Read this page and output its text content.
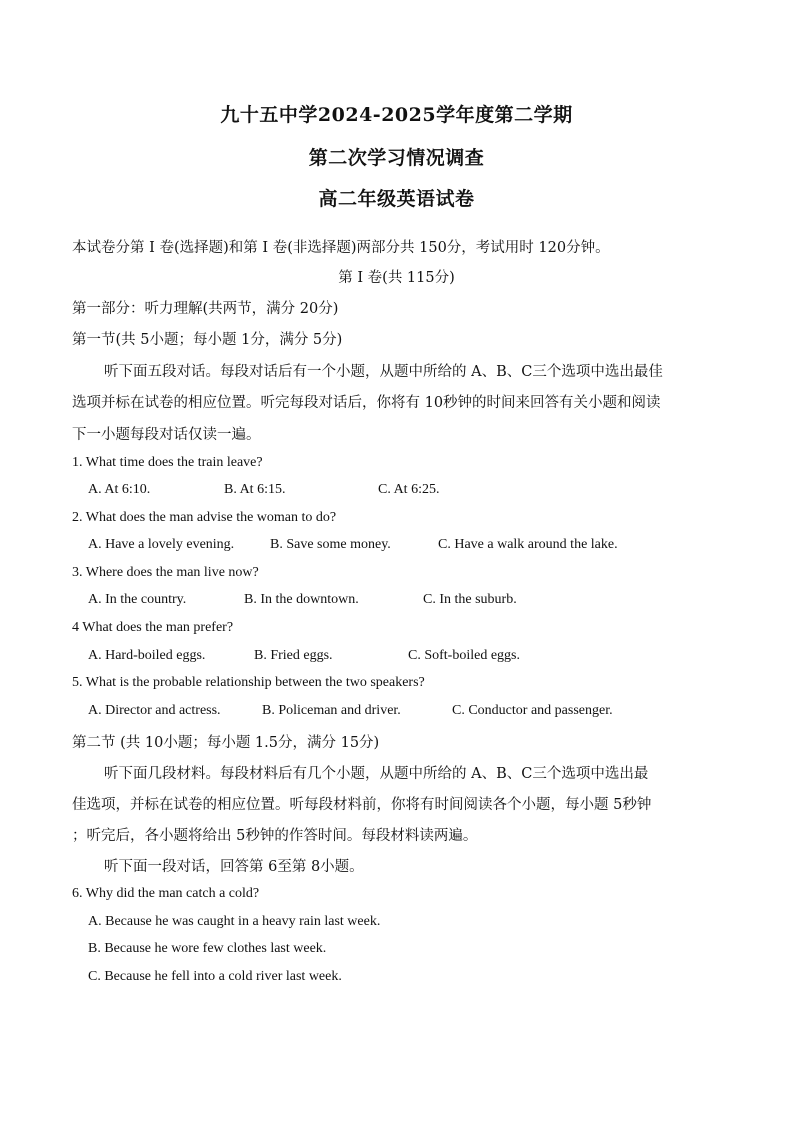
九十五中学2024-2025学年度第二学期
第二次学习情况调查
高二年级英语试卷
本试卷分第 I 卷(选择题)和第 I 卷(非选择题)两部分共 150分，考试用时 120分钟。
第 I 卷(共 115分)
第一部分：听力理解(共两节，满分 20分)
第一节(共 5小题；每小题 1分，满分 5分)
听下面五段对话。每段对话后有一个小题，从题中所给的 A、B、C三个选项中选出最佳
选项并标在试卷的相应位置。听完每段对话后，你将有 10秒钟的时间来回答有关小题和阅读
下一小题每段对话仅读一遍。
1. What time does the train leave?
A. At 6:10.	B. At 6:15.	C. At 6:25.
2. What does the man advise the woman to do?
A. Have a lovely evening.	B. Save some money.	C. Have a walk around the lake.
3. Where does the man live now?
A. In the country.	B. In the downtown.	C. In the suburb.
4 What does the man prefer?
A. Hard-boiled eggs.	B. Fried eggs.	C. Soft-boiled eggs.
5. What is the probable relationship between the two speakers?
A. Director and actress.	B. Policeman and driver.	C. Conductor and passenger.
第二节 (共 10小题；每小题 1.5分，满分 15分)
听下面几段材料。每段材料后有几个小题，从题中所给的 A、B、C三个选项中选出最
佳选项，并标在试卷的相应位置。听每段材料前，你将有时间阅读各个小题，每小题 5秒钟
；听完后，各小题将给出 5秒钟的作答时间。每段材料读两遍。
听下面一段对话，回答第 6至第 8小题。
6. Why did the man catch a cold?
A. Because he was caught in a heavy rain last week.
B. Because he wore few clothes last week.
C. Because he fell into a cold river last week.
